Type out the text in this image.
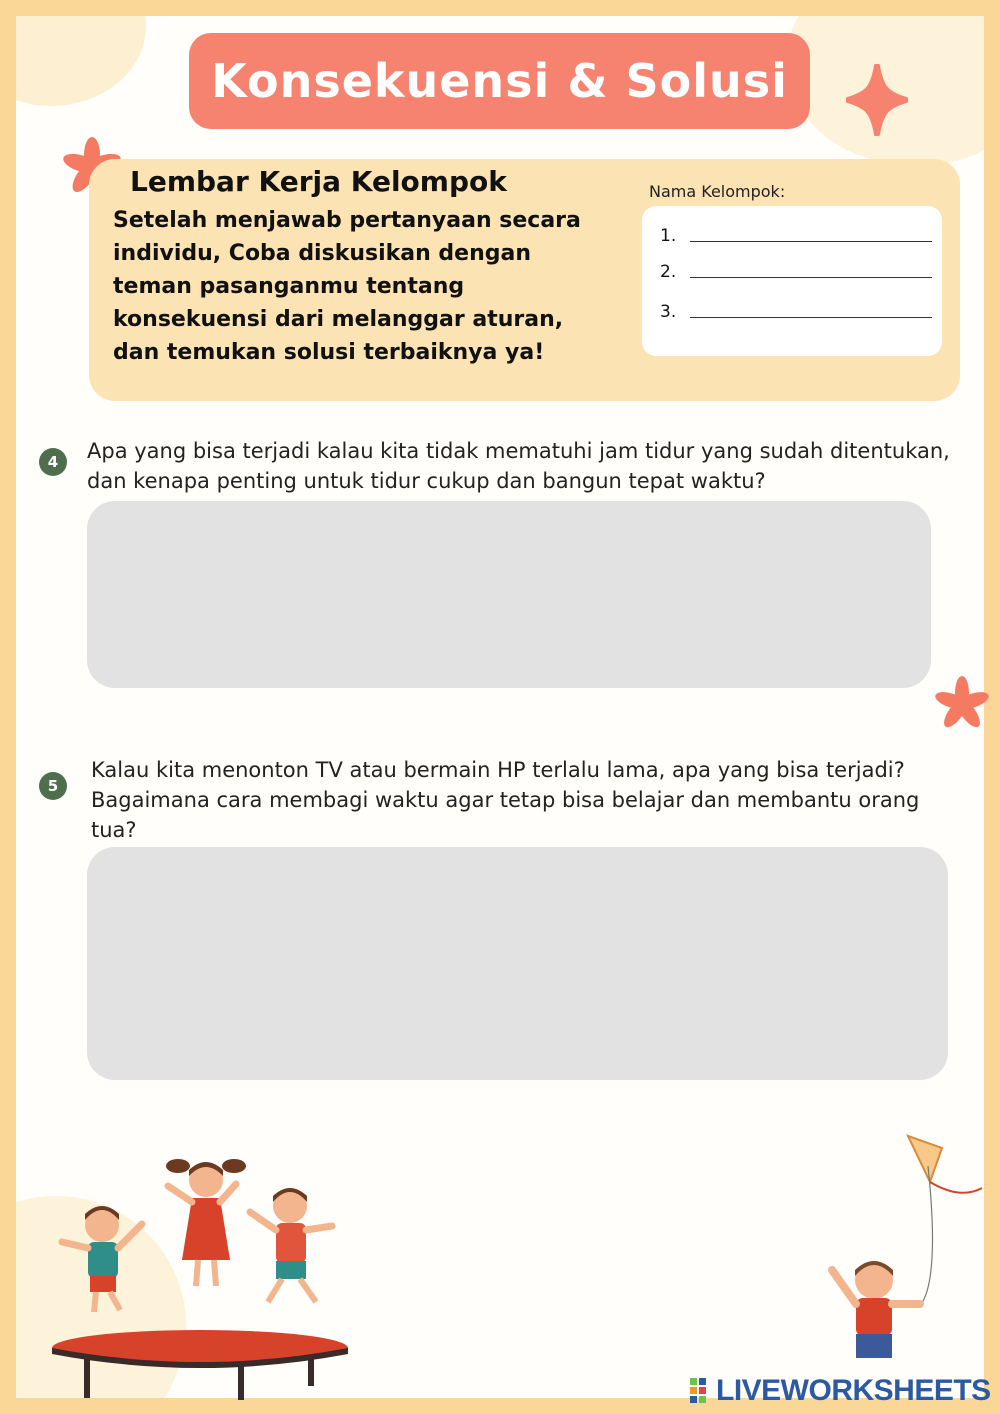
Konsekuensi & Solusi
Lembar Kerja Kelompok
Setelah menjawab pertanyaan secara individu, Coba diskusikan dengan teman pasanganmu tentang konsekuensi dari melanggar aturan, dan temukan solusi terbaiknya ya!
Nama Kelompok:
1.
2.
3.
4	Apa yang bisa terjadi kalau kita tidak mematuhi jam tidur yang sudah ditentukan, dan kenapa penting untuk tidur cukup dan bangun tepat waktu?
5
Kalau kita menonton TV atau bermain HP terlalu lama, apa yang bisa terjadi? Bagaimana cara membagi waktu agar tetap bisa belajar dan membantu orang tua?
LIVEWORKSHEETS
